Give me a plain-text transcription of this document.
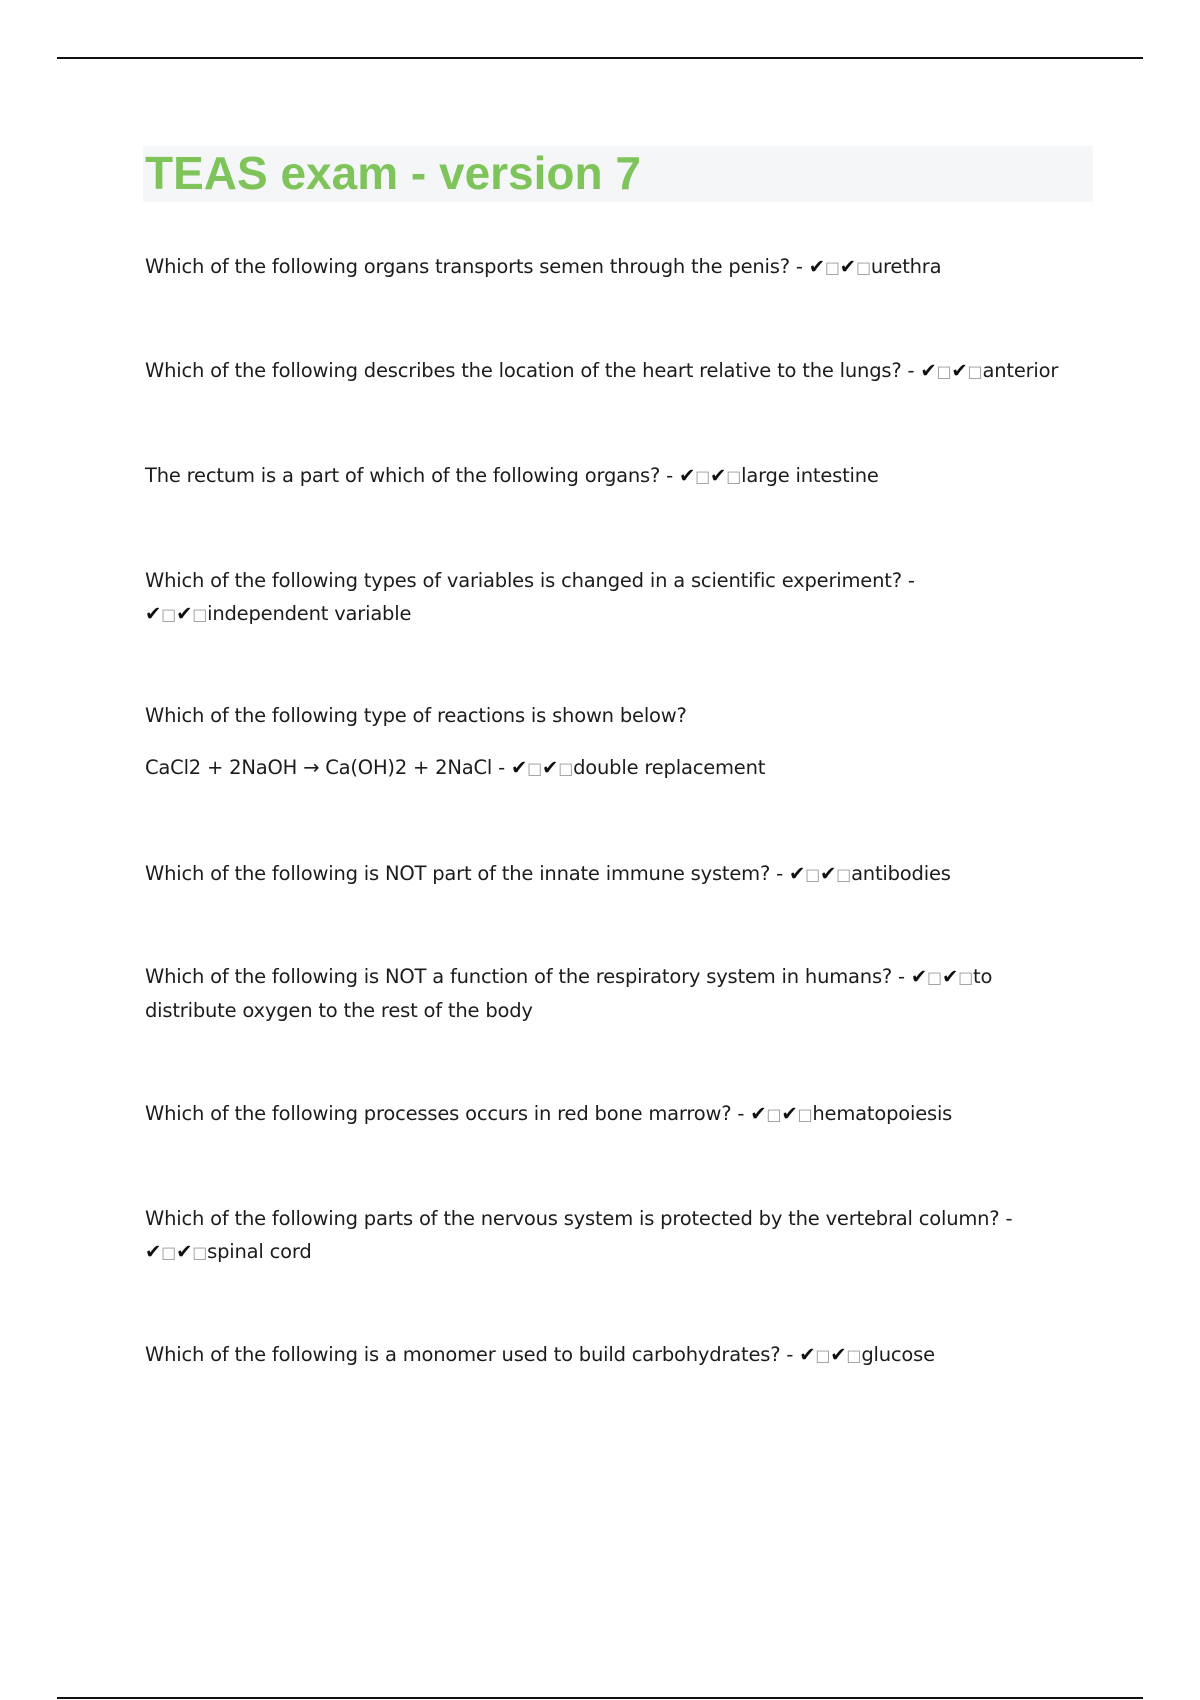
TEAS exam - version 7

Which of the following organs transports semen through the penis? - ✔□✔□urethra

Which of the following describes the location of the heart relative to the lungs? - ✔□✔□anterior

The rectum is a part of which of the following organs? - ✔□✔□large intestine

Which of the following types of variables is changed in a scientific experiment? - ✔□✔□independent variable

Which of the following type of reactions is shown below?

CaCl2 + 2NaOH → Ca(OH)2 + 2NaCl - ✔□✔□double replacement

Which of the following is NOT part of the innate immune system? - ✔□✔□antibodies

Which of the following is NOT a function of the respiratory system in humans? - ✔□✔□to distribute oxygen to the rest of the body

Which of the following processes occurs in red bone marrow? - ✔□✔□hematopoiesis

Which of the following parts of the nervous system is protected by the vertebral column? - ✔□✔□spinal cord

Which of the following is a monomer used to build carbohydrates? - ✔□✔□glucose
